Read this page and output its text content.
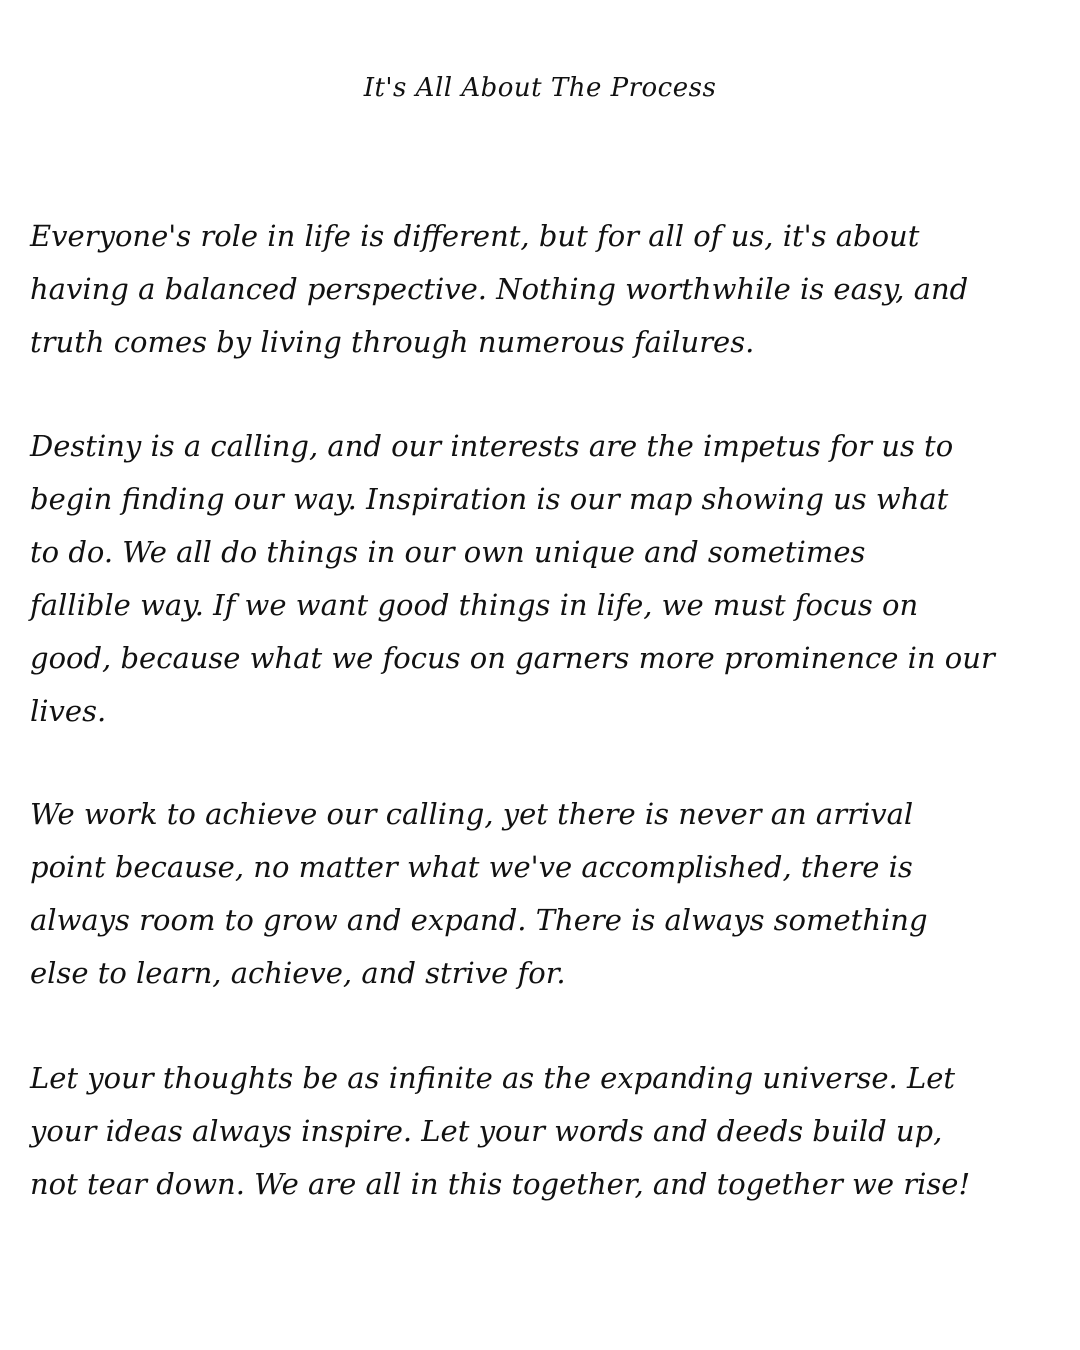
It's All About The Process
Everyone's role in life is different, but for all of us, it's about
having a balanced perspective. Nothing worthwhile is easy, and
truth comes by living through numerous failures.
Destiny is a calling, and our interests are the impetus for us to
begin finding our way. Inspiration is our map showing us what
to do. We all do things in our own unique and sometimes
fallible way. If we want good things in life, we must focus on
good, because what we focus on garners more prominence in our
lives.
We work to achieve our calling, yet there is never an arrival
point because, no matter what we've accomplished, there is
always room to grow and expand. There is always something
else to learn, achieve, and strive for.
Let your thoughts be as infinite as the expanding universe. Let
your ideas always inspire. Let your words and deeds build up,
not tear down. We are all in this together, and together we rise!
